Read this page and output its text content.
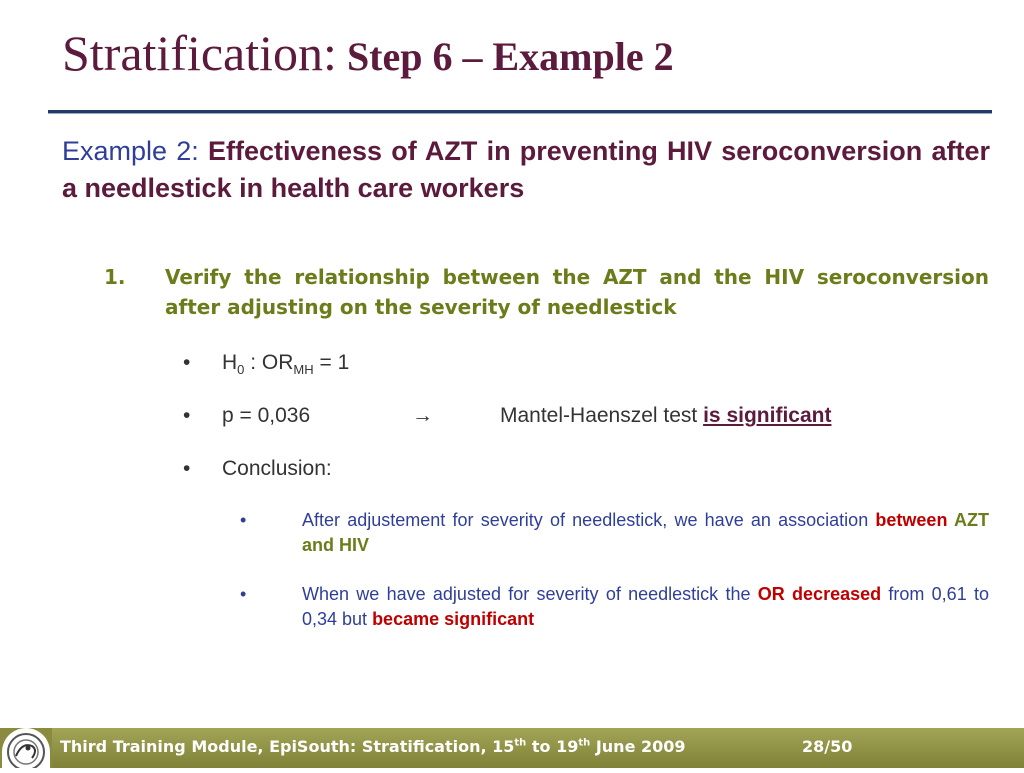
Stratification: Step 6 – Example 2
Example 2: Effectiveness of AZT in preventing HIV seroconversion after a needlestick in health care workers
1.	Verify the relationship between the AZT and the HIV seroconversion after adjusting on the severity of needlestick
• $H_0$ : $OR_{MH} = 1$
• p = 0,036	→	Mantel-Haenszel test is significant
• Conclusion:
•	After adjustement for severity of needlestick, we have an association between AZT and HIV
•	When we have adjusted for severity of needlestick the OR decreased from 0,61 to 0,34 but became significant
Third Training Module, EpiSouth: Stratification, 15th to 19th June 2009	28/50
